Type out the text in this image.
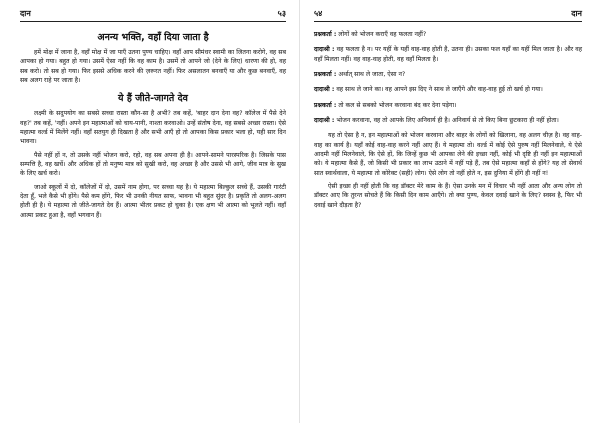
दान	५३
अनन्य भक्ति, वहाँ दिया जाता है

हमें मोक्ष में जाना है, वहाँ मोक्ष में जा पाएँ उतना पुण्य चाहिए। वहाँ आप सीमंधर स्वामी का जितना करोगे, वह सब आपका हो गया। बहुत हो गया। उसमें ऐसा नहीं कि वह काम है। उसमें तो आपने जो (देने के लिए) धारणा की हो, वह सब करो। तो सब हो गया। फिर इससे अधिक करने की ज़रूरत नहीं। फिर असलातन बनवाएँ या और कुछ बनवाएँ, वह सब अलग राहे पर जाता है।

ये हैं जीते-जागते देव

लक्ष्मी के सदुपयोग का सबसे सच्चा रास्ता कौन-सा है अभी? तब कहें, 'बाहर दान देना वह? कॉलेज में पैसे देने वह?' तब कहें, 'नहीं। अपने इन महात्माओं को चाय-पानी, नाश्ता करवाओ। उन्हें संतोष देना, वह सबसे अच्छा रास्ता। ऐसे महात्मा वर्ल्ड में मिलेंगे नहीं। वहाँ सतयुग ही दिखता है और सभी आएँ हो तो आपका किस प्रकार भला हो, यही सार दिन भावना।

पैसे नहीं हों न, तो उसके नहीं भोजन करो, रहो, वह सब अपना ही है। आपने-सामने पारस्परिक है। जिसके पास सम्पत्ति है, वह खर्चे। और अधिक हों तो मनुष्य मात्र को सुखी करो, वह अच्छा है और उससे भी आगे, जीव मात्र के सुख के लिए खर्च करो।

जाओ स्कूलों में दो, कॉलेजों में दो, उसमें नाम होगा, पर सच्चा यह है। ये महात्मा बिल्कुल सच्चे हैं, उसकी गारंटी देता हूँ, भले कैसे भी होंगे। पैसे कम होंगे, फिर भी उनकी नीयत साफ, भावना भी बहुत सुंदर है। प्रकृति तो अलग-अलग होती ही है। ये महात्मा तो जीते-जागते देव हैं। आत्मा भीतर प्रकट हो चुका है। एक क्षण भी आत्मा को भूलते नहीं। वहाँ आत्मा प्रकट हुआ है, वहाँ भगवान हैं।

५४	दान

प्रश्नकर्ता : लोगों को भोजन कराएँ वह फलता नहीं?

दादाश्री : वह फलता है न। पर यहीं के यहीं वाह-वाह होती है, उतना ही। उसका फल यहाँ का यहीं मिल जाता है। और वह वहाँ मिलता नहीं। वह वाह-वाह होती, वह वहाँ मिलता है।

प्रश्नकर्ता : अर्थात् साथ ले जाता, ऐसा न?

दादाश्री : वह साथ ले जाने का। वह आपने इस दिए ने साथ ले जाएँगे और वाह-वाह हुई तो खर्च हो गया।

प्रश्नकर्ता : तो कल से सबको भोजन करवाना बंद कर देना पड़ेगा।

दादाश्री : भोजन करवाना, वह तो आपके लिए अनिवार्य ही है। अनिवार्य से तो किए बिना छुटकारा ही नहीं होता।

यह तो ऐसा है न, इन महात्माओं को भोजन करवाना और बाहर के लोगों को खिलाना, वह अलग चीज़ है। वह वाह-वाह का कार्य है। यहाँ कोई वाह-वाह करने नहीं आए हैं। ये महात्मा तो। वर्ल्ड में कोई ऐसे पुरुष नहीं मिलनेवाले, ये ऐसे आदमी नहीं मिलनेवाले, कि ऐसे हों, कि जिन्हें कुछ भी आपका लेने की इच्छा नहीं, कोई भी दृष्टि ही नहीं इन महात्माओं को। ये महात्मा कैसे हैं, जो किसी भी प्रकार का लाभ उठाने में नहीं पड़े हैं, तब ऐसे महात्मा कहाँ से होंगे? यह तो सेवार्थ सात स्वार्थवाला, ये महात्मा तो कोरेक्ट (सही) लोग। ऐसे लोग तो नहीं होते न, इस दुनिया में होंगे ही नहीं न!

ऐसी इच्छा ही नहीं होती कि वह डॉक्टर मेरे काम के हैं। ऐसा उनके मन में विचार भी नहीं आता और अन्य लोग तो डॉक्टर आए कि तुरन्त सोचते हैं कि किसी दिन काम आएँगे। तो क्या पुण्य, केवल दवाई खाने के लिए? स्वस्थ है, फिर भी दवाई खाने दौड़ता है?
